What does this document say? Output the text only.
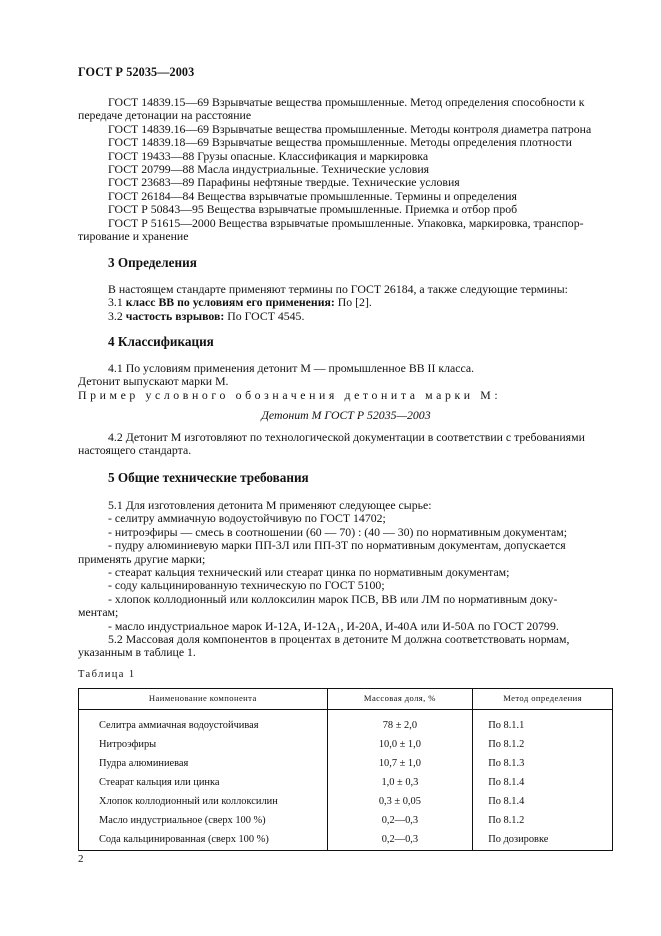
ГОСТ Р 52035—2003

ГОСТ 14839.15—69 Взрывчатые вещества промышленные. Метод определения способности к

передаче детонации на расстояние

ГОСТ 14839.16—69 Взрывчатые вещества промышленные. Методы контроля диаметра патрона

ГОСТ 14839.18—69 Взрывчатые вещества промышленные. Методы определения плотности

ГОСТ 19433—88 Грузы опасные. Классификация и маркировка

ГОСТ 20799—88 Масла индустриальные. Технические условия

ГОСТ 23683—89 Парафины нефтяные твердые. Технические условия

ГОСТ 26184—84 Вещества взрывчатые промышленные. Термины и определения

ГОСТ Р 50843—95 Вещества взрывчатые промышленные. Приемка и отбор проб

ГОСТ Р 51615—2000 Вещества взрывчатые промышленные. Упаковка, маркировка, транспор-

тирование и хранение

3 Определения

В настоящем стандарте применяют термины по ГОСТ 26184, а также следующие термины:

3.1 класс ВВ по условиям его применения: По [2].

3.2 частость взрывов: По ГОСТ 4545.

4 Классификация

4.1 По условиям применения детонит М — промышленное ВВ II класса.

Детонит выпускают марки М.

Пример условного обозначения детонита марки М:

Детонит М ГОСТ Р 52035—2003

4.2 Детонит М изготовляют по технологической документации в соответствии с требованиями

настоящего стандарта.

5 Общие технические требования

5.1 Для изготовления детонита М применяют следующее сырье:

- селитру аммиачную водоустойчивую по ГОСТ 14702;

- нитроэфиры — смесь в соотношении (60 — 70) : (40 — 30) по нормативным документам;

- пудру алюминиевую марки ПП-3Л или ПП-3Т по нормативным документам, допускается

применять другие марки;

- стеарат кальция технический или стеарат цинка по нормативным документам;

- соду кальцинированную техническую по ГОСТ 5100;

- хлопок коллодионный или коллоксилин марок ПСВ, ВВ или ЛМ по нормативным доку-

ментам;

- масло индустриальное марок И-12А, И-12А₁, И-20А, И-40А или И-50А по ГОСТ 20799.

5.2 Массовая доля компонентов в процентах в детоните М должна соответствовать нормам,

указанным в таблице 1.

Таблица 1
Наименование компонента	Массовая доля, %	Метод определения
Селитра аммиачная водоустойчивая	78 ± 2,0	По 8.1.1
Нитроэфиры	10,0 ± 1,0	По 8.1.2
Пудра алюминиевая	10,7 ± 1,0	По 8.1.3
Стеарат кальция или цинка	1,0 ± 0,3	По 8.1.4
Хлопок коллодионный или коллоксилин	0,3 ± 0,05	По 8.1.4
Масло индустриальное (сверх 100 %)	0,2—0,3	По 8.1.2
Сода кальцинированная (сверх 100 %)	0,2—0,3	По дозировке
2
